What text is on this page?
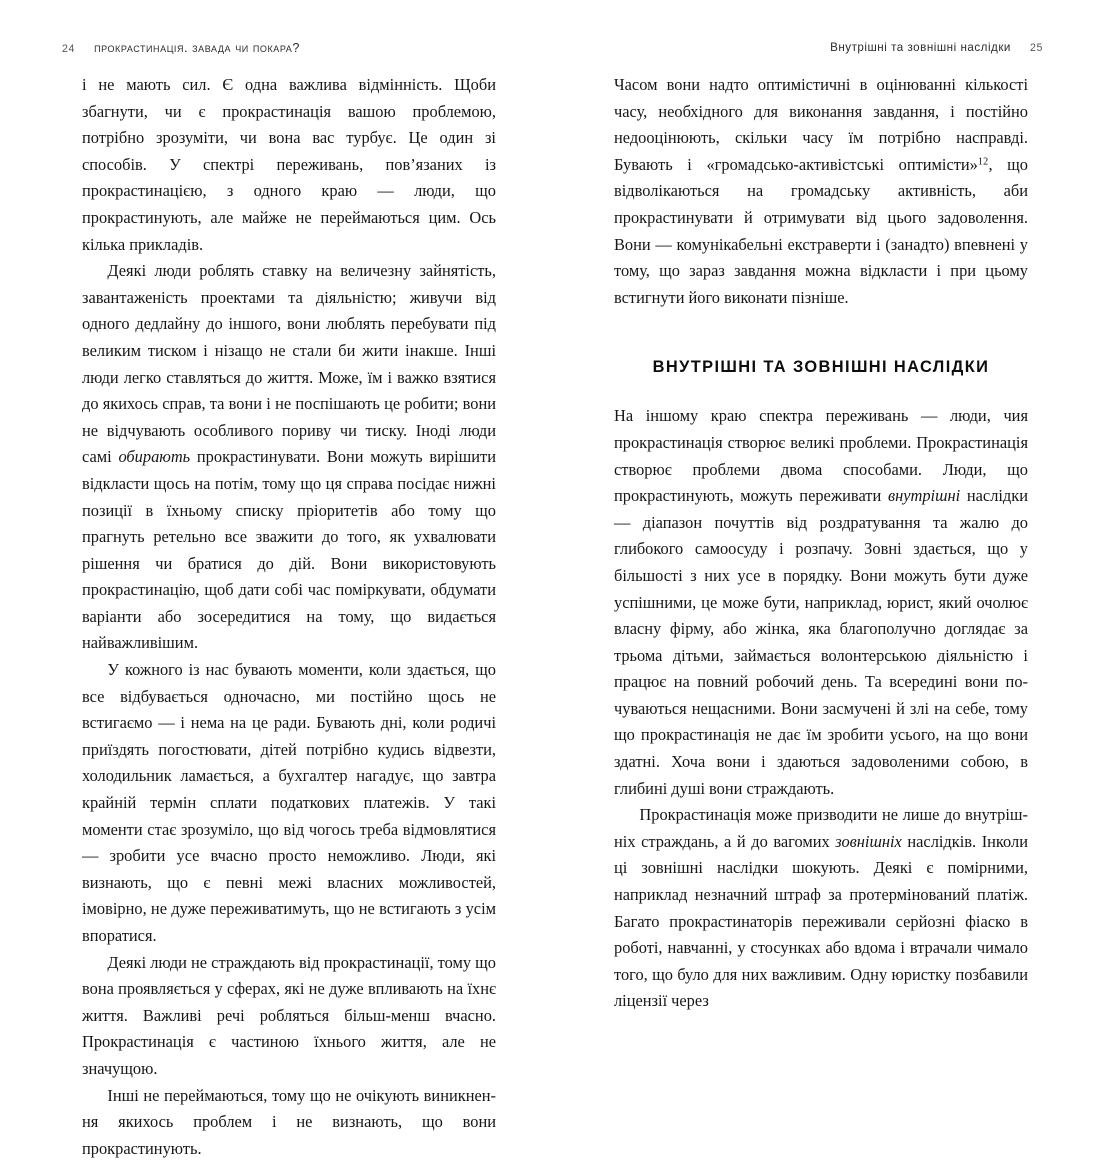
24 прокрастинація. завада чи покара?

і не мають сил. Є одна важлива відмінність. Щоби збагнути, чи є прокрастинація вашою проблемою, потрібно зрозуміти, чи вона вас турбує. Це один зі способів. У спектрі переживань, пов’язаних із прокрастинацією, з одного краю — люди, що прокрастинують, але майже не переймаються цим. Ось кілька прикладів.

Деякі люди роблять ставку на величезну зайнятість, завантаженість проектами та діяльністю; живучи від одного дедлайну до іншого, вони люблять перебувати під великим тиском і нізащо не стали би жити інакше. Інші люди легко ставляться до життя. Може, їм і важко взятися до якихось справ, та вони і не поспішають це робити; вони не відчувають особливого пориву чи тиску. Іноді люди самі обирають прокрастинувати. Вони можуть вирішити відкласти щось на потім, тому що ця справа посідає нижні позиції в їхньому списку пріоритетів або тому що прагнуть ретельно все зважити до того, як ухвалювати рішення чи братися до дій. Вони використовують прокрастинацію, щоб дати собі час поміркувати, обдумати варіанти або зосередитися на тому, що видається найважливішим.

У кожного із нас бувають моменти, коли здається, що все відбувається одночасно, ми постійно щось не встигаємо — і нема на це ради. Бувають дні, коли родичі приїздять погостювати, дітей потрібно кудись відвезти, холодильник ламається, а бухгалтер нагадує, що завтра крайній термін сплати податкових платежів. У такі моменти стає зрозуміло, що від чогось треба відмовлятися — зробити усе вчасно просто неможливо. Люди, які визнають, що є певні межі власних можливостей, імовірно, не дуже переживатимуть, що не встигають з усім впоратися.

Деякі люди не страждають від прокрастинації, тому що вона проявляється у сферах, які не дуже впливають на їхнє життя. Важливі речі робляться більш-менш вчасно. Прокрастинація є частиною їхнього життя, але не значущою.

Інші не переймаються, тому що не очікують виникнення якихось проблем і не визнають, що вони прокрастинують.

Внутрішні та зовнішні наслідки 25

Часом вони надто оптимістичні в оцінюванні кількості часу, необхідного для виконання завдання, і постійно недооцінюють, скільки часу їм потрібно насправді. Бувають і «громадсько-активістські оптимісти»$^{12}$, що відволікаються на громадську активність, аби прокрастинувати й отримувати від цього задоволення. Вони — комунікабельні екстраверти і (занадто) впевнені у тому, що зараз завдання можна відкласти і при цьому встигнути його виконати пізніше.

ВНУТРІШНІ ТА ЗОВНІШНІ НАСЛІДКИ

На іншому краю спектра переживань — люди, чия прокрастинація створює великі проблеми. Прокрастинація створює проблеми двома способами. Люди, що прокрастинують, можуть переживати внутрішні наслідки — діапазон почуттів від роздратування та жалю до глибокого самоосуду і розпачу. Зовні здається, що у більшості з них усе в порядку. Вони можуть бути дуже успішними, це може бути, наприклад, юрист, який очолює власну фірму, або жінка, яка благополучно доглядає за трьома дітьми, займається волонтерською діяльністю і працює на повний робочий день. Та всередині вони почуваються нещасними. Вони засмучені й злі на себе, тому що прокрастинація не дає їм зробити усього, на що вони здатні. Хоча вони і здаються задоволеними собою, в глибині душі вони страждають.

Прокрастинація може призводити не лише до внутрішніх страждань, а й до вагомих зовнішніх наслідків. Інколи ці зовнішні наслідки шокують. Деякі є помірними, наприклад незначний штраф за протермінований платіж. Багато прокрастинаторів переживали серйозні фіаско в роботі, навчанні, у стосунках або вдома і втрачали чимало того, що було для них важливим. Одну юристку позбавили ліцензії через
